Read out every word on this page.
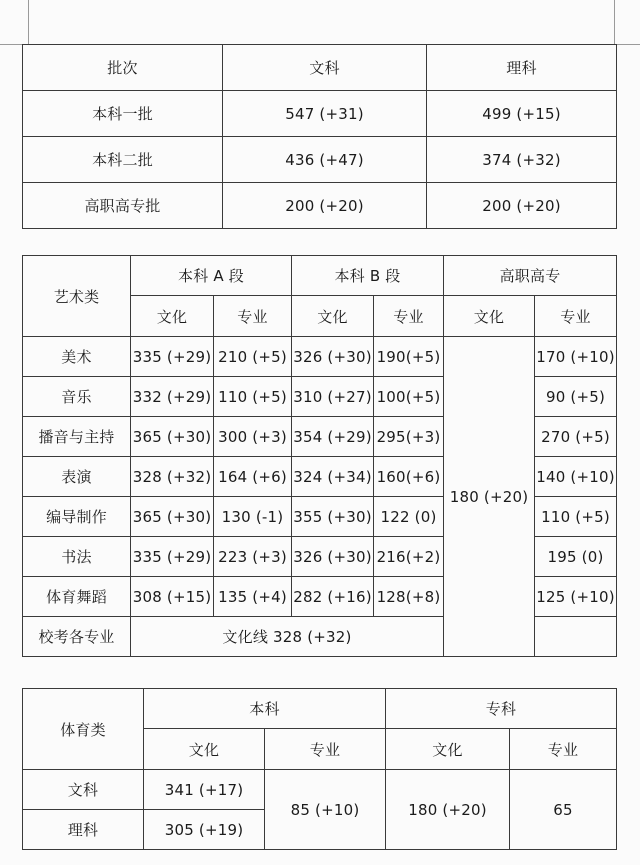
批次	文科	理科
本科一批	547 (+31)	499 (+15)
本科二批	436 (+47)	374 (+32)
高职高专批	200 (+20)	200 (+20)
艺术类	本科 A 段		本科 B 段		高职高专	
	文化	专业	文化	专业	文化	专业
美术	335 (+29)	210 (+5)	326 (+30)	190(+5)	180 (+20)	170 (+10)
音乐	332 (+29)	110 (+5)	310 (+27)	100(+5)		90 (+5)
播音与主持	365 (+30)	300 (+3)	354 (+29)	295(+3)		270 (+5)
表演	328 (+32)	164 (+6)	324 (+34)	160(+6)		140 (+10)
编导制作	365 (+30)	130 (-1)	355 (+30)	122 (0)		110 (+5)
书法	335 (+29)	223 (+3)	326 (+30)	216(+2)		195 (0)
体育舞蹈	308 (+15)	135 (+4)	282 (+16)	128(+8)		125 (+10)
校考各专业	文化线 328 (+32)					
体育类	本科		专科	
	文化	专业	文化	专业
文科	341 (+17)	85 (+10)	180 (+20)	65
理科	305 (+19)			
